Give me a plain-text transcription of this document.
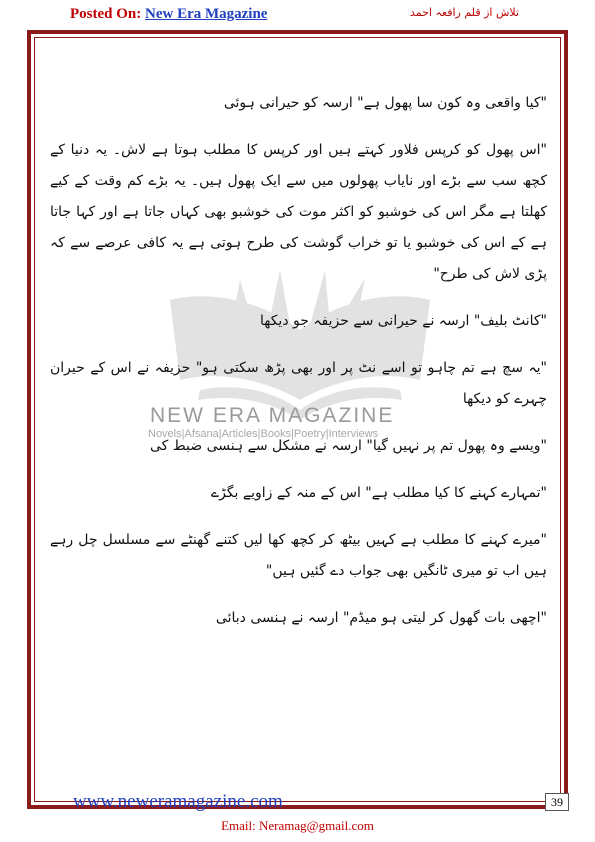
Posted On: New Era Magazine	تلاش از قلم رافعہ احمد
NEW ERA MAGAZINE
Novels|Afsana|Articles|Books|Poetry|Interviews

"کیا واقعی وہ کون سا پھول ہے" ارسہ کو حیرانی ہوئی

"اس پھول کو کرپس فلاور کہتے ہیں اور کرپس کا مطلب ہوتا ہے لاش۔ یہ دنیا کے کچھ سب سے بڑے اور نایاب پھولوں میں سے ایک پھول ہیں۔ یہ بڑے کم وقت کے کیے کھلتا ہے مگر اس کی خوشبو کو اکثر موت کی خوشبو بھی کہاں جاتا ہے اور کہا جاتا ہے کے اس کی خوشبو یا تو خراب گوشت کی طرح ہوتی ہے یہ کافی عرصے سے کہ پڑی لاش کی طرح"

"کانٹ بلیف" ارسہ نے حیرانی سے حزیفہ جو دیکھا

"یہ سچ ہے تم چاہو تو اسے نٹ پر اور بھی پڑھ سکتی ہو" حزیفہ نے اس کے حیران چہرے کو دیکھا

"ویسے وہ پھول تم پر نہیں گیا" ارسہ نے مشکل سے ہنسی ضبط کی

"تمہارے کہنے کا کیا مطلب ہے" اس کے منہ کے زاویے بگڑے

"میرے کہنے کا مطلب ہے کہیں بیٹھ کر کچھ کھا لیں کتنے گھنٹے سے مسلسل چل رہے ہیں اب تو میری ٹانگیں بھی جواب دے گئیں ہیں"

"اچھی بات گھول کر لیتی ہو میڈم" ارسہ نے ہنسی دبائی

www.neweramagazine.com	39
Email: Neramag@gmail.com
